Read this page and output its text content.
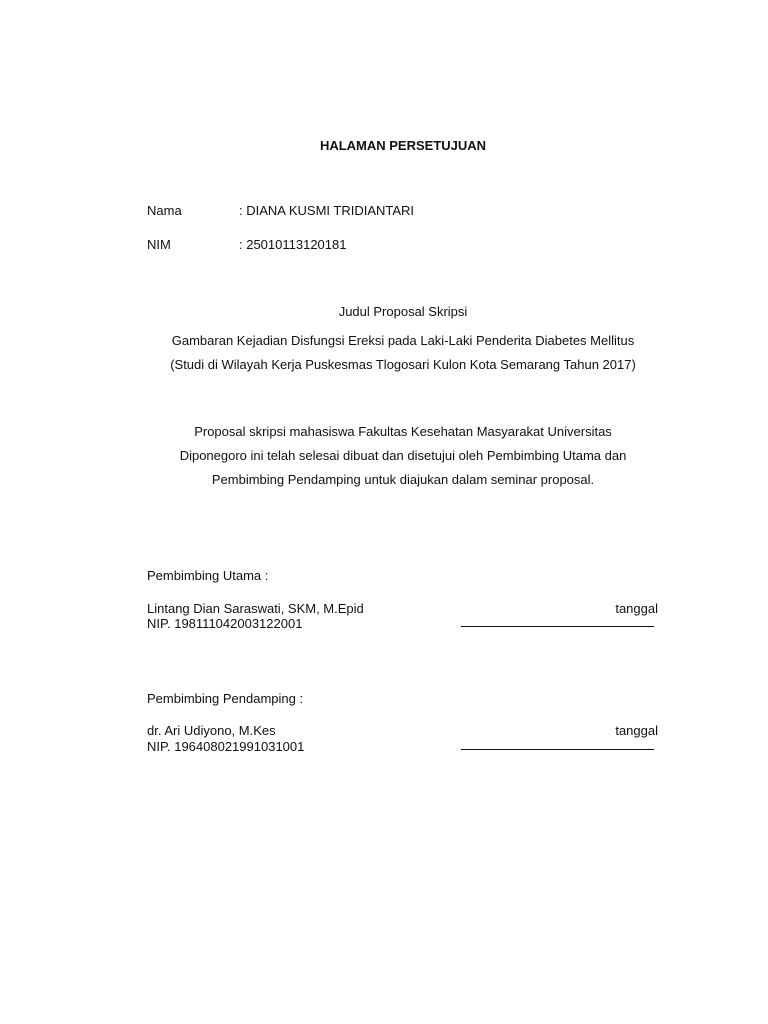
HALAMAN PERSETUJUAN
Nama	: DIANA KUSMI TRIDIANTARI
NIM	: 25010113120181
Judul Proposal Skripsi
Gambaran Kejadian Disfungsi Ereksi pada Laki-Laki Penderita Diabetes Mellitus
(Studi di Wilayah Kerja Puskesmas Tlogosari Kulon Kota Semarang Tahun 2017)
Proposal skripsi mahasiswa Fakultas Kesehatan Masyarakat Universitas
Diponegoro ini telah selesai dibuat dan disetujui oleh Pembimbing Utama dan
Pembimbing Pendamping untuk diajukan dalam seminar proposal.
Pembimbing Utama :
Lintang Dian Saraswati, SKM, M.Epid	tanggal
NIP. 198111042003122001
Pembimbing Pendamping :
dr. Ari Udiyono, M.Kes	tanggal
NIP. 196408021991031001
